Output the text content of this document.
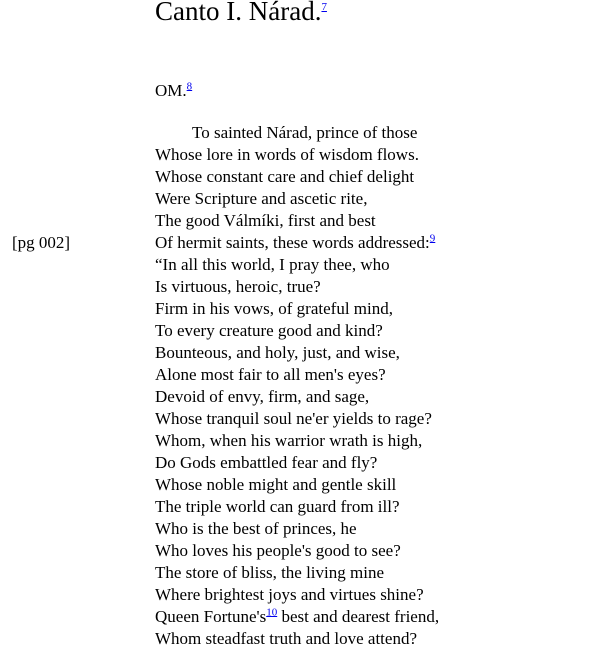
Canto I. Nárad.$^7$
OM.$^8$
[pg 002]
To sainted Nárad, prince of those
Whose lore in words of wisdom flows.
Whose constant care and chief delight
Were Scripture and ascetic rite,
The good Válmíki, first and best
Of hermit saints, these words addressed:$^9$
“In all this world, I pray thee, who
Is virtuous, heroic, true?
Firm in his vows, of grateful mind,
To every creature good and kind?
Bounteous, and holy, just, and wise,
Alone most fair to all men's eyes?
Devoid of envy, firm, and sage,
Whose tranquil soul ne'er yields to rage?
Whom, when his warrior wrath is high,
Do Gods embattled fear and fly?
Whose noble might and gentle skill
The triple world can guard from ill?
Who is the best of princes, he
Who loves his people's good to see?
The store of bliss, the living mine
Where brightest joys and virtues shine?
Queen Fortune's$^{10}$ best and dearest friend,
Whom steadfast truth and love attend?
